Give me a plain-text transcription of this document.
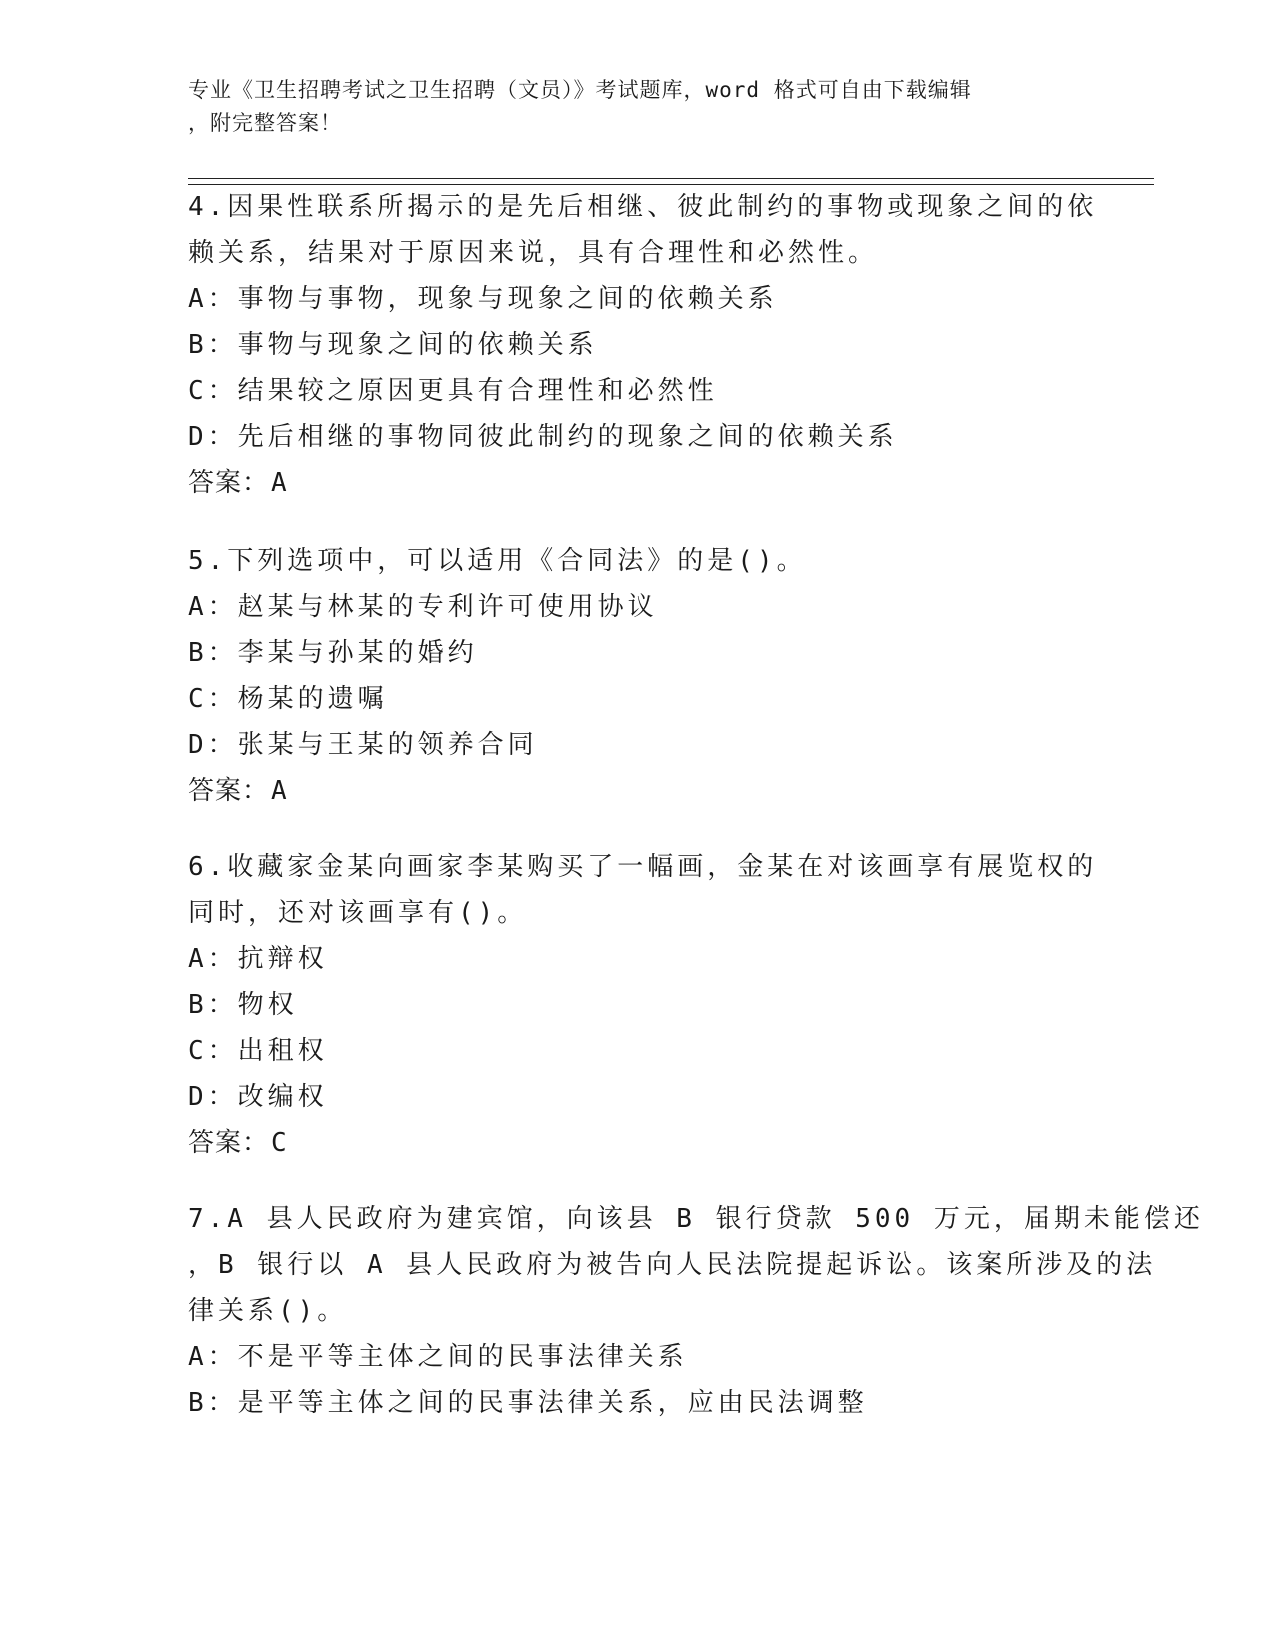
专业《卫生招聘考试之卫生招聘（文员）》考试题库，word 格式可自由下载编辑
，附完整答案！
4.因果性联系所揭示的是先后相继、彼此制约的事物或现象之间的依
赖关系，结果对于原因来说，具有合理性和必然性。
A：事物与事物，现象与现象之间的依赖关系
B：事物与现象之间的依赖关系
C：结果较之原因更具有合理性和必然性
D：先后相继的事物同彼此制约的现象之间的依赖关系
答案：A
5.下列选项中，可以适用《合同法》的是()。
A：赵某与林某的专利许可使用协议
B：李某与孙某的婚约
C：杨某的遗嘱
D：张某与王某的领养合同
答案：A
6.收藏家金某向画家李某购买了一幅画，金某在对该画享有展览权的
同时，还对该画享有()。
A：抗辩权
B：物权
C：出租权
D：改编权
答案：C
7.A 县人民政府为建宾馆，向该县 B 银行贷款 500 万元，届期未能偿还
，B 银行以 A 县人民政府为被告向人民法院提起诉讼。该案所涉及的法
律关系()。
A：不是平等主体之间的民事法律关系
B：是平等主体之间的民事法律关系，应由民法调整
